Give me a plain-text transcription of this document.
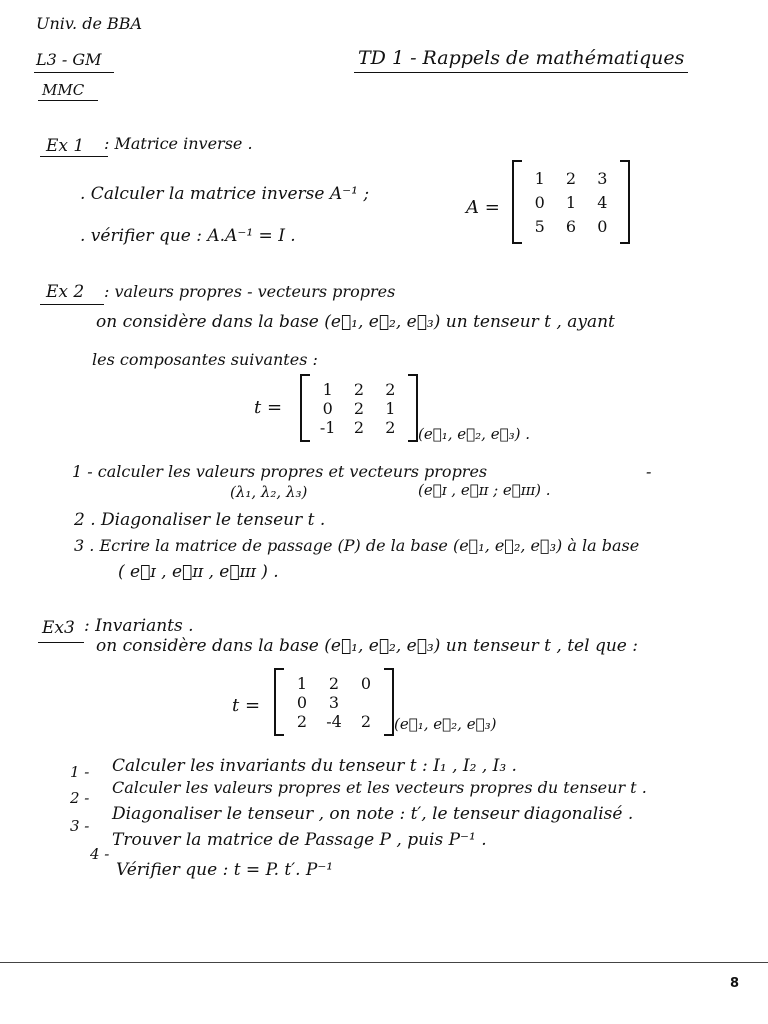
Univ. de BBA
L3 - GM
MMC
TD 1 - Rappels de mathématiques
Ex 1 : Matrice inverse .
. Calculer la matrice inverse A⁻¹ ;
. vérifier que : A.A⁻¹ = I .
A =
1 2 3
0 1 4
5 6 0
Ex 2 : valeurs propres - vecteurs propres
on considère dans la base (e⃗₁, e⃗₂, e⃗₃) un tenseur t , ayant
les composantes suivantes :
t =
1 2 2
0 2 1
-1 2 2 (e⃗₁, e⃗₂, e⃗₃) .
1 - calculer les valeurs propres et vecteurs propres	-
(λ₁, λ₂, λ₃)	(e⃗ɪ , e⃗ɪɪ ; e⃗ɪɪɪ) .
2 . Diagonaliser le tenseur t .
3 . Ecrire la matrice de passage (P) de la base (e⃗₁, e⃗₂, e⃗₃) à la base
( e⃗ɪ , e⃗ɪɪ , e⃗ɪɪɪ ) .
Ex3 : Invariants .
on considère dans la base (e⃗₁, e⃗₂, e⃗₃) un tenseur t , tel que :
t =
1 2 0
0 3
2 -4 2 (e⃗₁, e⃗₂, e⃗₃)
1 - Calculer les invariants du tenseur t : I₁ , I₂ , I₃ .
2 -
Calculer les valeurs propres et les vecteurs propres du tenseur t .
3 -
Diagonaliser le tenseur , on note : t′, le tenseur diagonalisé .
4 -
Trouver la matrice de Passage P , puis P⁻¹ .
Vérifier que : t = P. t′. P⁻¹
8
